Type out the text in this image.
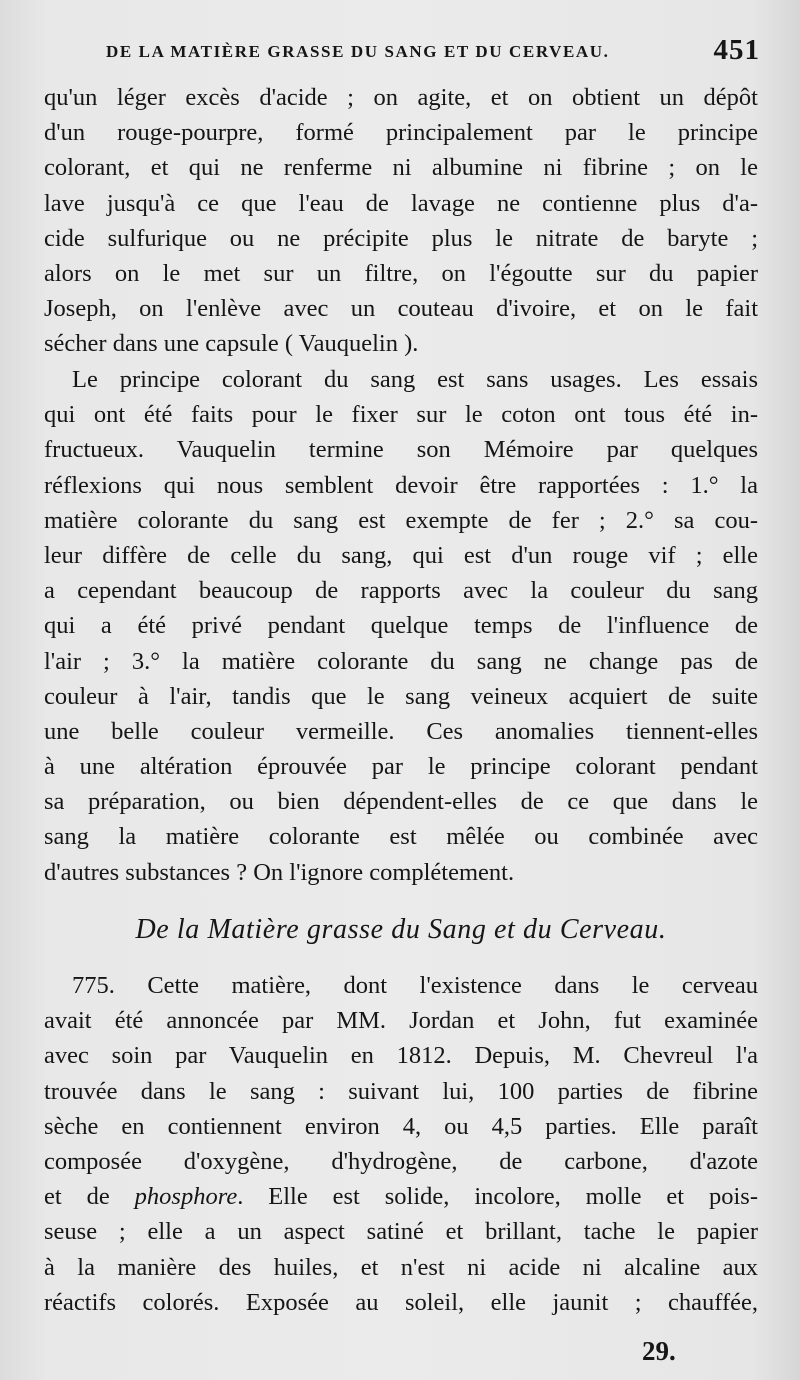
DE LA MATIÈRE GRASSE DU SANG ET DU CERVEAU.	451
qu'un léger excès d'acide ; on agite, et on obtient un dépôt
d'un rouge-pourpre, formé principalement par le principe
colorant, et qui ne renferme ni albumine ni fibrine ; on le
lave jusqu'à ce que l'eau de lavage ne contienne plus d'a-
cide sulfurique ou ne précipite plus le nitrate de baryte ;
alors on le met sur un filtre, on l'égoutte sur du papier
Joseph, on l'enlève avec un couteau d'ivoire, et on le fait
sécher dans une capsule ( Vauquelin ).
Le principe colorant du sang est sans usages. Les essais
qui ont été faits pour le fixer sur le coton ont tous été in-
fructueux. Vauquelin termine son Mémoire par quelques
réflexions qui nous semblent devoir être rapportées : 1.° la
matière colorante du sang est exempte de fer ; 2.° sa cou-
leur diffère de celle du sang, qui est d'un rouge vif ; elle
a cependant beaucoup de rapports avec la couleur du sang
qui a été privé pendant quelque temps de l'influence de
l'air ; 3.° la matière colorante du sang ne change pas de
couleur à l'air, tandis que le sang veineux acquiert de suite
une belle couleur vermeille. Ces anomalies tiennent-elles
à une altération éprouvée par le principe colorant pendant
sa préparation, ou bien dépendent-elles de ce que dans le
sang la matière colorante est mêlée ou combinée avec
d'autres substances ? On l'ignore complétement.
De la Matière grasse du Sang et du Cerveau.
775. Cette matière, dont l'existence dans le cerveau
avait été annoncée par MM. Jordan et John, fut examinée
avec soin par Vauquelin en 1812. Depuis, M. Chevreul l'a
trouvée dans le sang : suivant lui, 100 parties de fibrine
sèche en contiennent environ 4, ou 4,5 parties. Elle paraît
composée d'oxygène, d'hydrogène, de carbone, d'azote
et de phosphore. Elle est solide, incolore, molle et pois-
seuse ; elle a un aspect satiné et brillant, tache le papier
à la manière des huiles, et n'est ni acide ni alcaline aux
réactifs colorés. Exposée au soleil, elle jaunit ; chauffée,
29.
